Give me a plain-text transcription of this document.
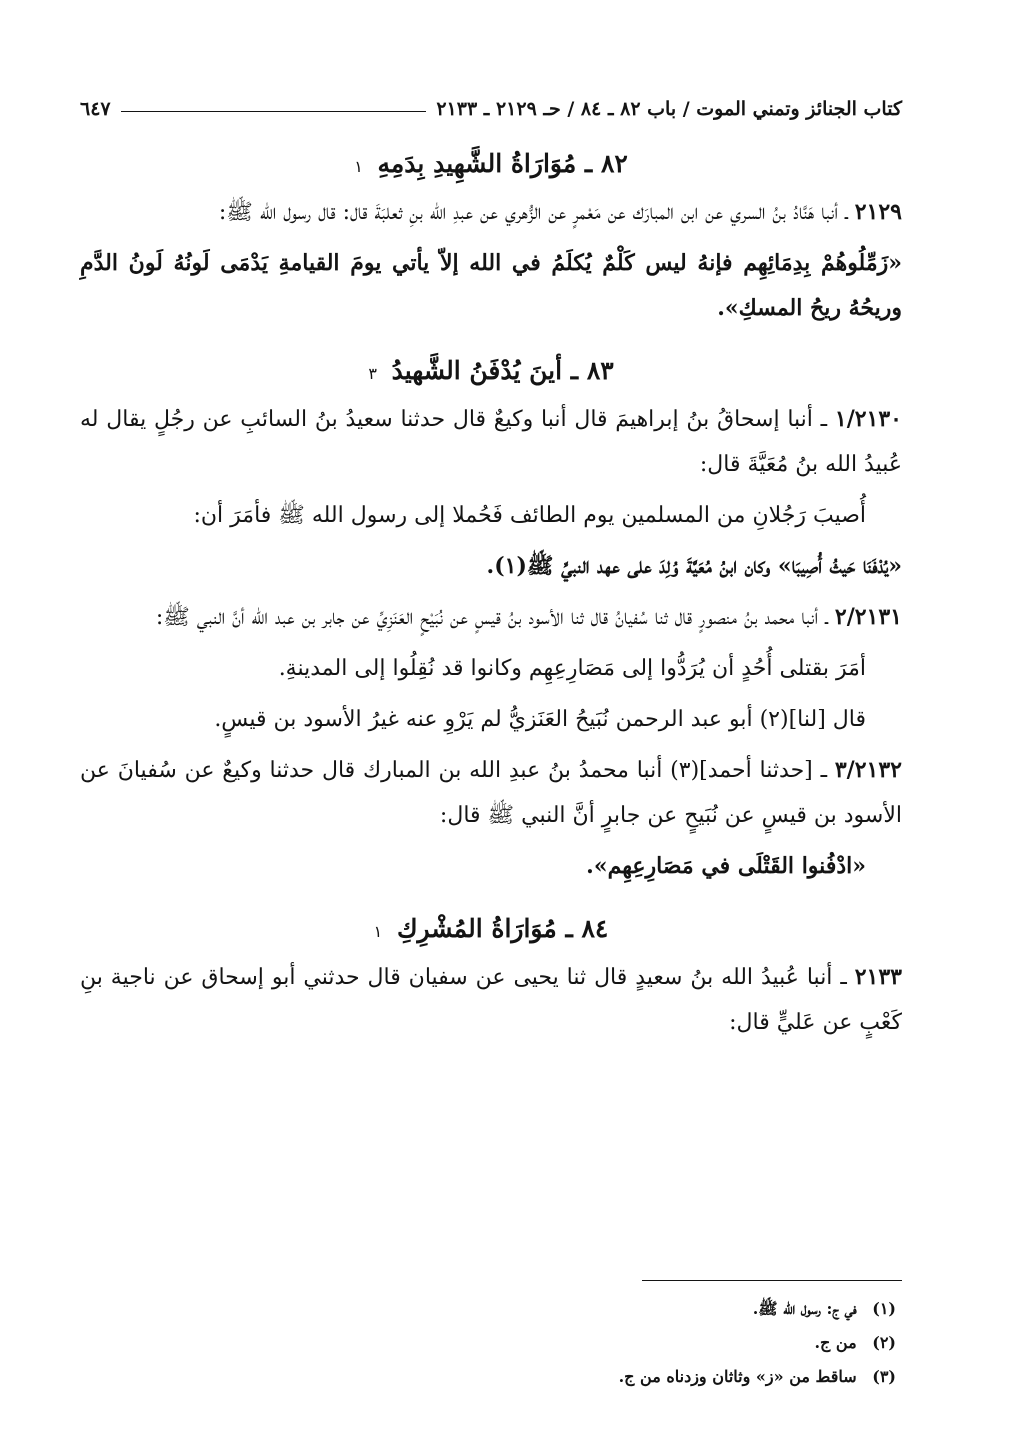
كتاب الجنائز وتمني الموت / باب ٨٢ ـ ٨٤ / حـ ٢١٢٩ ـ ٢١٣٣
٦٤٧
٨٢ ـ مُوَارَاةُ الشَّهِيدِ بِدَمِهِ ١

٢١٢٩ ـ أنبا هَنَّادُ بنُ السري عن ابن المبارَك عن مَعْمرٍ عن الزُّهري عن عبدِ الله بنِ ثعلبَةَ قال: قال رسول الله ﷺ:

«زَمِّلُوهُمْ بِدِمَائِهِم فإنهُ ليس كَلْمٌ يُكلَمُ في الله إلاّ يأتي يومَ القيامةِ يَدْمَى لَونُهُ لَونُ الدَّمِ وريحُهُ ريحُ المسكِ».

٨٣ ـ أينَ يُدْفَنُ الشَّهيدُ ٣

١/٢١٣٠ ـ أنبا إسحاقُ بنُ إبراهيمَ قال أنبا وكيعٌ قال حدثنا سعيدُ بنُ السائبِ عن رجُلٍ يقال له عُبيدُ الله بنُ مُعَيَّةَ قال:

أُصيبَ رَجُلانِ من المسلمين يوم الطائف فَحُملا إلى رسول الله ﷺ فأمَرَ أن:

«يُدْفَنَا حَيثُ أُصِيبَا» وكان ابنُ مُعَيَّةَ وُلِدَ على عهد النبيِّ ﷺ(١).

٢/٢١٣١ ـ أنبا محمد بنُ منصورٍ قال ثنا سُفيانُ قال ثنا الأسود بنُ قيسٍ عن نُبَيْحٍ العَنَزِيِّ عن جابر بن عبد الله أنَّ النبي ﷺ:

أمَرَ بقتلى أُحُدٍ أن يُرَدُّوا إلى مَصَارِعِهِم وكانوا قد نُقِلُوا إلى المدينةِ.

قال [لنا](٢) أبو عبد الرحمن نُبَيحُ العَنَزيُّ لم يَرْوِ عنه غيرُ الأسود بن قيسٍ.

٣/٢١٣٢ ـ [حدثنا أحمد](٣) أنبا محمدُ بنُ عبدِ الله بن المبارك قال حدثنا وكيعٌ عن سُفيانَ عن الأسود بن قيسٍ عن نُبَيحٍ عن جابرٍ أنَّ النبي ﷺ قال:

«ادْفُنوا القَتْلَى في مَصَارِعِهِم».

٨٤ ـ مُوَارَاةُ المُشْرِكِ ١

٢١٣٣ ـ أنبا عُبيدُ الله بنُ سعيدٍ قال ثنا يحيى عن سفيان قال حدثني أبو إسحاق عن ناجية بنِ كَعْبٍ عن عَليٍّ قال:

(١) في ج: رسول الله ﷺ.
(٢) من ج.
(٣) ساقط من «ز» وثاثان وزدناه من ج.
